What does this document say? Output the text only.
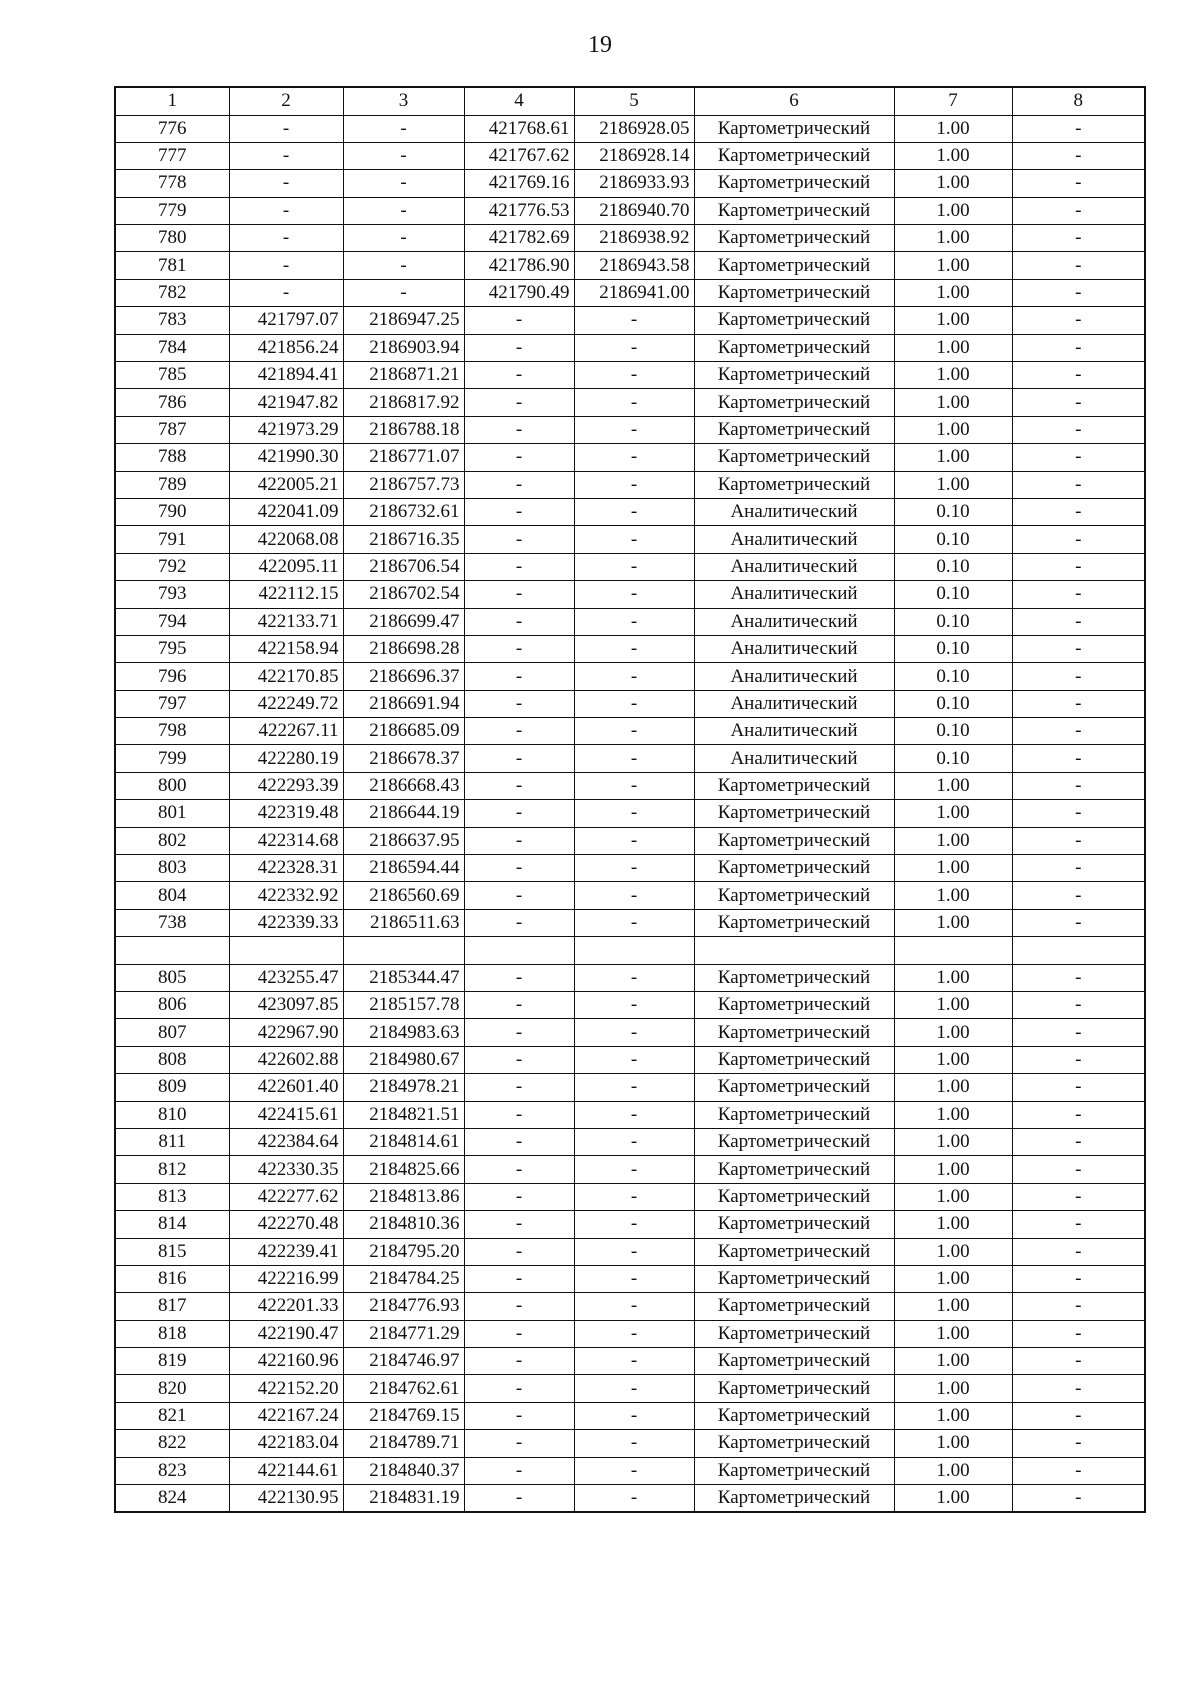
19
1	2	3	4	5	6	7	8
776	-	-	421768.61	2186928.05	Картометрический	1.00	-
777	-	-	421767.62	2186928.14	Картометрический	1.00	-
778	-	-	421769.16	2186933.93	Картометрический	1.00	-
779	-	-	421776.53	2186940.70	Картометрический	1.00	-
780	-	-	421782.69	2186938.92	Картометрический	1.00	-
781	-	-	421786.90	2186943.58	Картометрический	1.00	-
782	-	-	421790.49	2186941.00	Картометрический	1.00	-
783	421797.07	2186947.25	-	-	Картометрический	1.00	-
784	421856.24	2186903.94	-	-	Картометрический	1.00	-
785	421894.41	2186871.21	-	-	Картометрический	1.00	-
786	421947.82	2186817.92	-	-	Картометрический	1.00	-
787	421973.29	2186788.18	-	-	Картометрический	1.00	-
788	421990.30	2186771.07	-	-	Картометрический	1.00	-
789	422005.21	2186757.73	-	-	Картометрический	1.00	-
790	422041.09	2186732.61	-	-	Аналитический	0.10	-
791	422068.08	2186716.35	-	-	Аналитический	0.10	-
792	422095.11	2186706.54	-	-	Аналитический	0.10	-
793	422112.15	2186702.54	-	-	Аналитический	0.10	-
794	422133.71	2186699.47	-	-	Аналитический	0.10	-
795	422158.94	2186698.28	-	-	Аналитический	0.10	-
796	422170.85	2186696.37	-	-	Аналитический	0.10	-
797	422249.72	2186691.94	-	-	Аналитический	0.10	-
798	422267.11	2186685.09	-	-	Аналитический	0.10	-
799	422280.19	2186678.37	-	-	Аналитический	0.10	-
800	422293.39	2186668.43	-	-	Картометрический	1.00	-
801	422319.48	2186644.19	-	-	Картометрический	1.00	-
802	422314.68	2186637.95	-	-	Картометрический	1.00	-
803	422328.31	2186594.44	-	-	Картометрический	1.00	-
804	422332.92	2186560.69	-	-	Картометрический	1.00	-
738	422339.33	2186511.63	-	-	Картометрический	1.00	-

805	423255.47	2185344.47	-	-	Картометрический	1.00	-
806	423097.85	2185157.78	-	-	Картометрический	1.00	-
807	422967.90	2184983.63	-	-	Картометрический	1.00	-
808	422602.88	2184980.67	-	-	Картометрический	1.00	-
809	422601.40	2184978.21	-	-	Картометрический	1.00	-
810	422415.61	2184821.51	-	-	Картометрический	1.00	-
811	422384.64	2184814.61	-	-	Картометрический	1.00	-
812	422330.35	2184825.66	-	-	Картометрический	1.00	-
813	422277.62	2184813.86	-	-	Картометрический	1.00	-
814	422270.48	2184810.36	-	-	Картометрический	1.00	-
815	422239.41	2184795.20	-	-	Картометрический	1.00	-
816	422216.99	2184784.25	-	-	Картометрический	1.00	-
817	422201.33	2184776.93	-	-	Картометрический	1.00	-
818	422190.47	2184771.29	-	-	Картометрический	1.00	-
819	422160.96	2184746.97	-	-	Картометрический	1.00	-
820	422152.20	2184762.61	-	-	Картометрический	1.00	-
821	422167.24	2184769.15	-	-	Картометрический	1.00	-
822	422183.04	2184789.71	-	-	Картометрический	1.00	-
823	422144.61	2184840.37	-	-	Картометрический	1.00	-
824	422130.95	2184831.19	-	-	Картометрический	1.00	-
